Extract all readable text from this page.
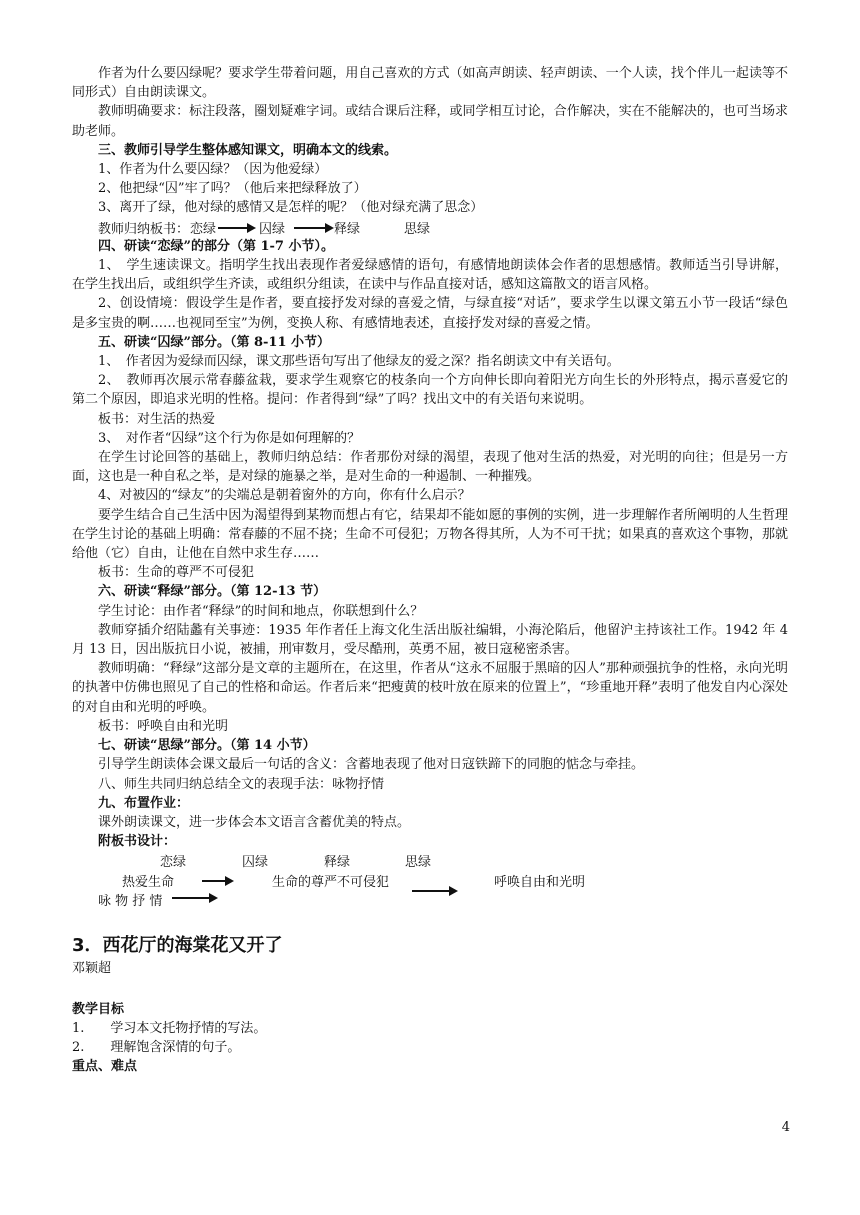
作者为什么要囚绿呢？要求学生带着问题，用自己喜欢的方式（如高声朗读、轻声朗读、一个人读，找个伴儿一起读等不同形式）自由朗读课文。

教师明确要求：标注段落，圈划疑难字词。或结合课后注释，或同学相互讨论，合作解决，实在不能解决的，也可当场求助老师。

三、教师引导学生整体感知课文，明确本文的线索。

1、作者为什么要囚绿？（因为他爱绿）

2、他把绿“囚”牢了吗？（他后来把绿释放了）

3、离开了绿，他对绿的感情又是怎样的呢？（他对绿充满了思念）

教师归纳板书： 恋绿	囚绿	释绿	思绿

四、研读“恋绿”的部分（第 1-7 小节）。

1、　学生速读课文。指明学生找出表现作者爱绿感情的语句，有感情地朗读体会作者的思想感情。教师适当引导讲解，在学生找出后，或组织学生齐读，或组织分组读，在读中与作品直接对话，感知这篇散文的语言风格。

2、创设情境：假设学生是作者，要直接抒发对绿的喜爱之情，与绿直接“对话”，要求学生以课文第五小节一段话“绿色是多宝贵的啊……也视同至宝”为例，变换人称、有感情地表述，直接抒发对绿的喜爱之情。

五、研读“囚绿”部分。（第 8-11 小节）

1、　作者因为爱绿而囚绿，课文那些语句写出了他绿友的爱之深？指名朗读文中有关语句。

2、　教师再次展示常春藤盆栽，要求学生观察它的枝条向一个方向伸长即向着阳光方向生长的外形特点，揭示喜爱它的第二个原因，即追求光明的性格。提问：作者得到“绿”了吗？找出文中的有关语句来说明。

板书：对生活的热爱

3、　对作者“囚绿”这个行为你是如何理解的？

在学生讨论回答的基础上，教师归纳总结：作者那份对绿的渴望，表现了他对生活的热爱，对光明的向往；但是另一方面，这也是一种自私之举，是对绿的施暴之举，是对生命的一种遏制、一种摧残。

4、对被囚的“绿友”的尖端总是朝着窗外的方向，你有什么启示？

要学生结合自己生活中因为渴望得到某物而想占有它，结果却不能如愿的事例的实例，进一步理解作者所阐明的人生哲理　在学生讨论的基础上明确：常春藤的不屈不挠；生命不可侵犯；万物各得其所，人为不可干扰；如果真的喜欢这个事物，那就给他（它）自由，让他在自然中求生存……

板书：生命的尊严不可侵犯

六、研读“释绿”部分。（第 12-13 节）

学生讨论：由作者“释绿”的时间和地点，你联想到什么？

教师穿插介绍陆蠡有关事迹：1935 年作者任上海文化生活出版社编辑，小海沦陷后，他留沪主持该社工作。1942 年 4 月 13 日，因出版抗日小说，被捕，刑审数月，受尽酷刑，英勇不屈，被日寇秘密杀害。

教师明确：“释绿”这部分是文章的主题所在，在这里，作者从“这永不屈服于黑暗的囚人”那种顽强抗争的性格，永向光明的执著中仿佛也照见了自己的性格和命运。作者后来“把瘦黄的枝叶放在原来的位置上”，“珍重地开释”表明了他发自内心深处的对自由和光明的呼唤。

板书：呼唤自由和光明

七、研读“思绿”部分。（第 14 小节）

引导学生朗读体会课文最后一句话的含义：含蓄地表现了他对日寇铁蹄下的同胞的惦念与牵挂。

八、师生共同归纳总结全文的表现手法：咏物抒情

九、布置作业：

课外朗读课文，进一步体会本文语言含蓄优美的特点。

附板书设计：

恋绿	囚绿	释绿	思绿
热爱生命	生命的尊严不可侵犯	呼唤自由和光明
咏 物 抒 情
3．西花厅的海棠花又开了
邓颖超
教学目标
1.　　学习本文托物抒情的写法。
2.　　理解饱含深情的句子。
重点、难点
4
